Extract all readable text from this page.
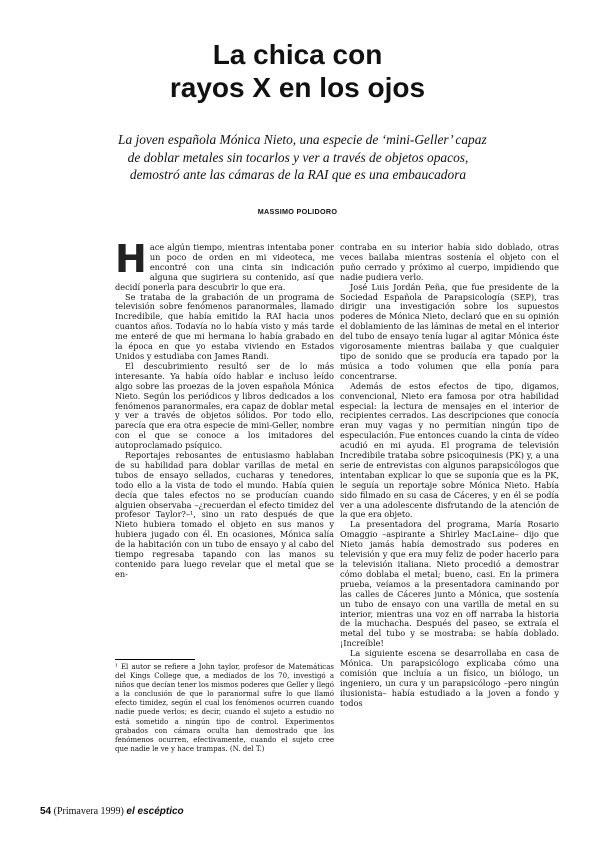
La chica con
rayos X en los ojos

La joven española Mónica Nieto, una especie de ‘mini-Geller’ capaz
de doblar metales sin tocarlos y ver a través de objetos opacos,
demostró ante las cámaras de la RAI que es una embaucadora

MASSIMO POLIDORO

Hace algún tiempo, mientras intentaba poner un poco de orden en mi videoteca, me encontré con una cinta sin indicación alguna que sugiriera su contenido, así que decidí ponerla para descubrir lo que era.

Se trataba de la grabación de un programa de televisión sobre fenómenos paranormales, llamado Incredibile, que había emitido la RAI hacia unos cuantos años. Todavía no lo había visto y más tarde me enteré de que mi hermana lo había grabado en la época en que yo estaba viviendo en Estados Unidos y estudiaba con James Randi.

El descubrimiento resultó ser de lo más interesante. Ya había oído hablar e incluso leído algo sobre las proezas de la joven española Mónica Nieto. Según los periódicos y libros dedicados a los fenómenos paranormales, era capaz de doblar metal y ver a través de objetos sólidos. Por todo ello, parecía que era otra especie de mini-Geller, nombre con el que se conoce a los imitadores del autoproclamado psíquico.

Reportajes rebosantes de entusiasmo hablaban de su habilidad para doblar varillas de metal en tubos de ensayo sellados, cucharas y tenedores, todo ello a la vista de todo el mundo. Había quien decía que tales efectos no se producían cuando alguien observaba –¿recuerdan el efecto timidez del profesor Taylor?–¹, sino un rato después de que Nieto hubiera tomado el objeto en sus manos y hubiera jugado con él. En ocasiones, Mónica salía de la habitación con un tubo de ensayo y al cabo del tiempo regresaba tapando con las manos su contenido para luego revelar que el metal que se en-

contraba en su interior había sido doblado, otras veces bailaba mientras sostenía el objeto con el puño cerrado y próximo al cuerpo, impidiendo que nadie pudiera verlo.

José Luis Jordán Peña, que fue presidente de la Sociedad Española de Parapsicología (SEP), tras dirigir una investigación sobre los supuestos poderes de Mónica Nieto, declaró que en su opinión el doblamiento de las láminas de metal en el interior del tubo de ensayo tenía lugar al agitar Mónica éste vigorosamente mientras bailaba y que cualquier tipo de sonido que se producía era tapado por la música a todo volumen que ella ponía para concentrarse.

Además de estos efectos de tipo, digamos, convencional, Nieto era famosa por otra habilidad especial: la lectura de mensajes en el interior de recipientes cerrados. Las descripciones que conocía eran muy vagas y no permitían ningún tipo de especulación. Fue entonces cuando la cinta de vídeo acudió en mi ayuda. El programa de televisión Incredibile trataba sobre psicoquinesis (PK) y, a una serie de entrevistas con algunos parapsicólogos que intentaban explicar lo que se suponía que es la PK, le seguía un reportaje sobre Mónica Nieto. Había sido filmado en su casa de Cáceres, y en él se podía ver a una adolescente disfrutando de la atención de la que era objeto.

La presentadora del programa, María Rosario Omaggio –aspirante a Shirley MacLaine– dijo que Nieto jamás había demostrado sus poderes en televisión y que era muy feliz de poder hacerlo para la televisión italiana. Nieto procedió a demostrar cómo doblaba el metal; bueno, casi. En la primera prueba, veíamos a la presentadora caminando por las calles de Cáceres junto a Mónica, que sostenía un tubo de ensayo con una varilla de metal en su interior, mientras una voz en off narraba la historia de la muchacha. Después del paseo, se extraía el metal del tubo y se mostraba: se había doblado. ¡Increíble!

La siguiente escena se desarrollaba en casa de Mónica. Un parapsicólogo explicaba cómo una comisión que incluía a un físico, un biólogo, un ingeniero, un cura y un parapsicólogo –pero ningún ilusionista– había estudiado a la joven a fondo y todos

¹ El autor se refiere a John taylor, profesor de Matemáticas del Kings College que, a mediados de los 70, investigó a niños que decían tener los mismos poderes que Geller y llegó a la conclusión de que lo paranormal sufre lo que llamó efecto timidez, según el cual los fenómenos ocurren cuando nadie puede verlos; es decir, cuando el sujeto a estudio no está sometido a ningún tipo de control. Experimentos grabados con cámara oculta han demostrado que los fenómenos ocurren, efectivamente, cuando el sujeto cree que nadie le ve y hace trampas. (N. del T.)

54 (Primavera 1999) el escéptico
